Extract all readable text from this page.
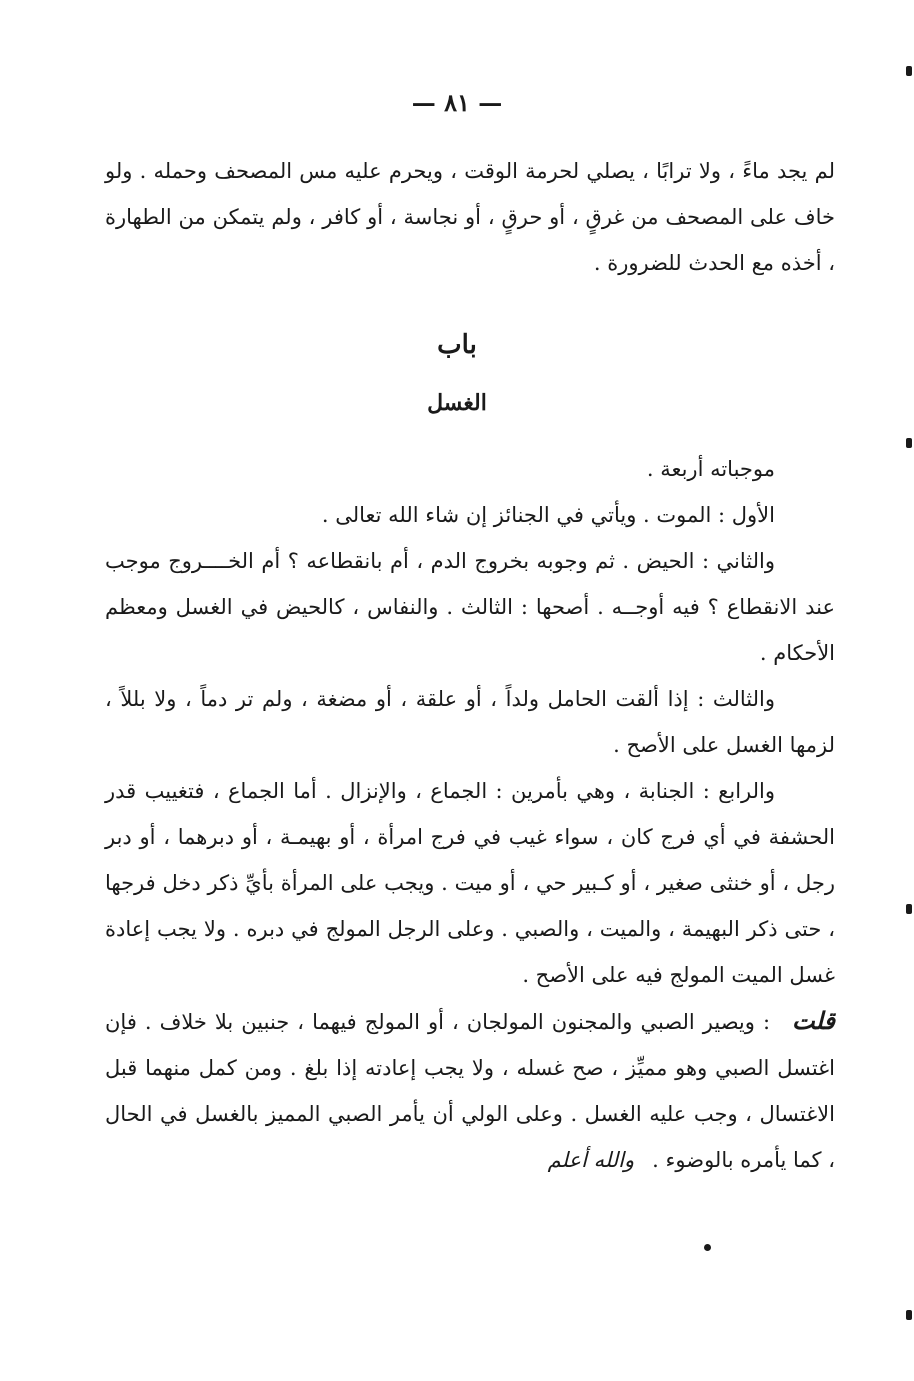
— ٨١ —

لم يجد ماءً ، ولا ترابًا ، يصلي لحرمة الوقت ، ويحرم عليه مس المصحف وحمله . ولو خاف على المصحف من غرقٍ ، أو حرقٍ ، أو نجاسة ، أو كافر ، ولم يتمكن من الطهارة ، أخذه مع الحدث للضرورة .

باب
الغسل

موجباته أربعة .

الأول : الموت . ويأتي في الجنائز إن شاء الله تعالى .

والثاني : الحيض . ثم وجوبه بخروج الدم ، أم بانقطاعه ؟ أم الخــــروج موجب عند الانقطاع ؟ فيه أوجــه . أصحها : الثالث . والنفاس ، كالحيض في الغسل ومعظم الأحكام .

والثالث : إذا ألقت الحامل ولداً ، أو علقة ، أو مضغة ، ولم تر دماً ، ولا بللاً ، لزمها الغسل على الأصح .

والرابع : الجنابة ، وهي بأمرين : الجماع ، والإنزال . أما الجماع ، فتغييب قدر الحشفة في أي فرج كان ، سواء غيب في فرج امرأة ، أو بهيمـة ، أو دبرهما ، أو دبر رجل ، أو خنثى صغير ، أو كـبير حي ، أو ميت . ويجب على المرأة بأيِّ ذكر دخل فرجها ، حتى ذكر البهيمة ، والميت ، والصبي . وعلى الرجل المولج في دبره . ولا يجب إعادة غسل الميت المولج فيه على الأصح .

قلت: ويصير الصبي والمجنون المولجان ، أو المولج فيهما ، جنبين بلا خلاف . فإن اغتسل الصبي وهو مميِّز ، صح غسله ، ولا يجب إعادته إذا بلغ . ومن كمل منهما قبل الاغتسال ، وجب عليه الغسل . وعلى الولي أن يأمر الصبي المميز بالغسل في الحال ، كما يأمره بالوضوء .والله أعلم
